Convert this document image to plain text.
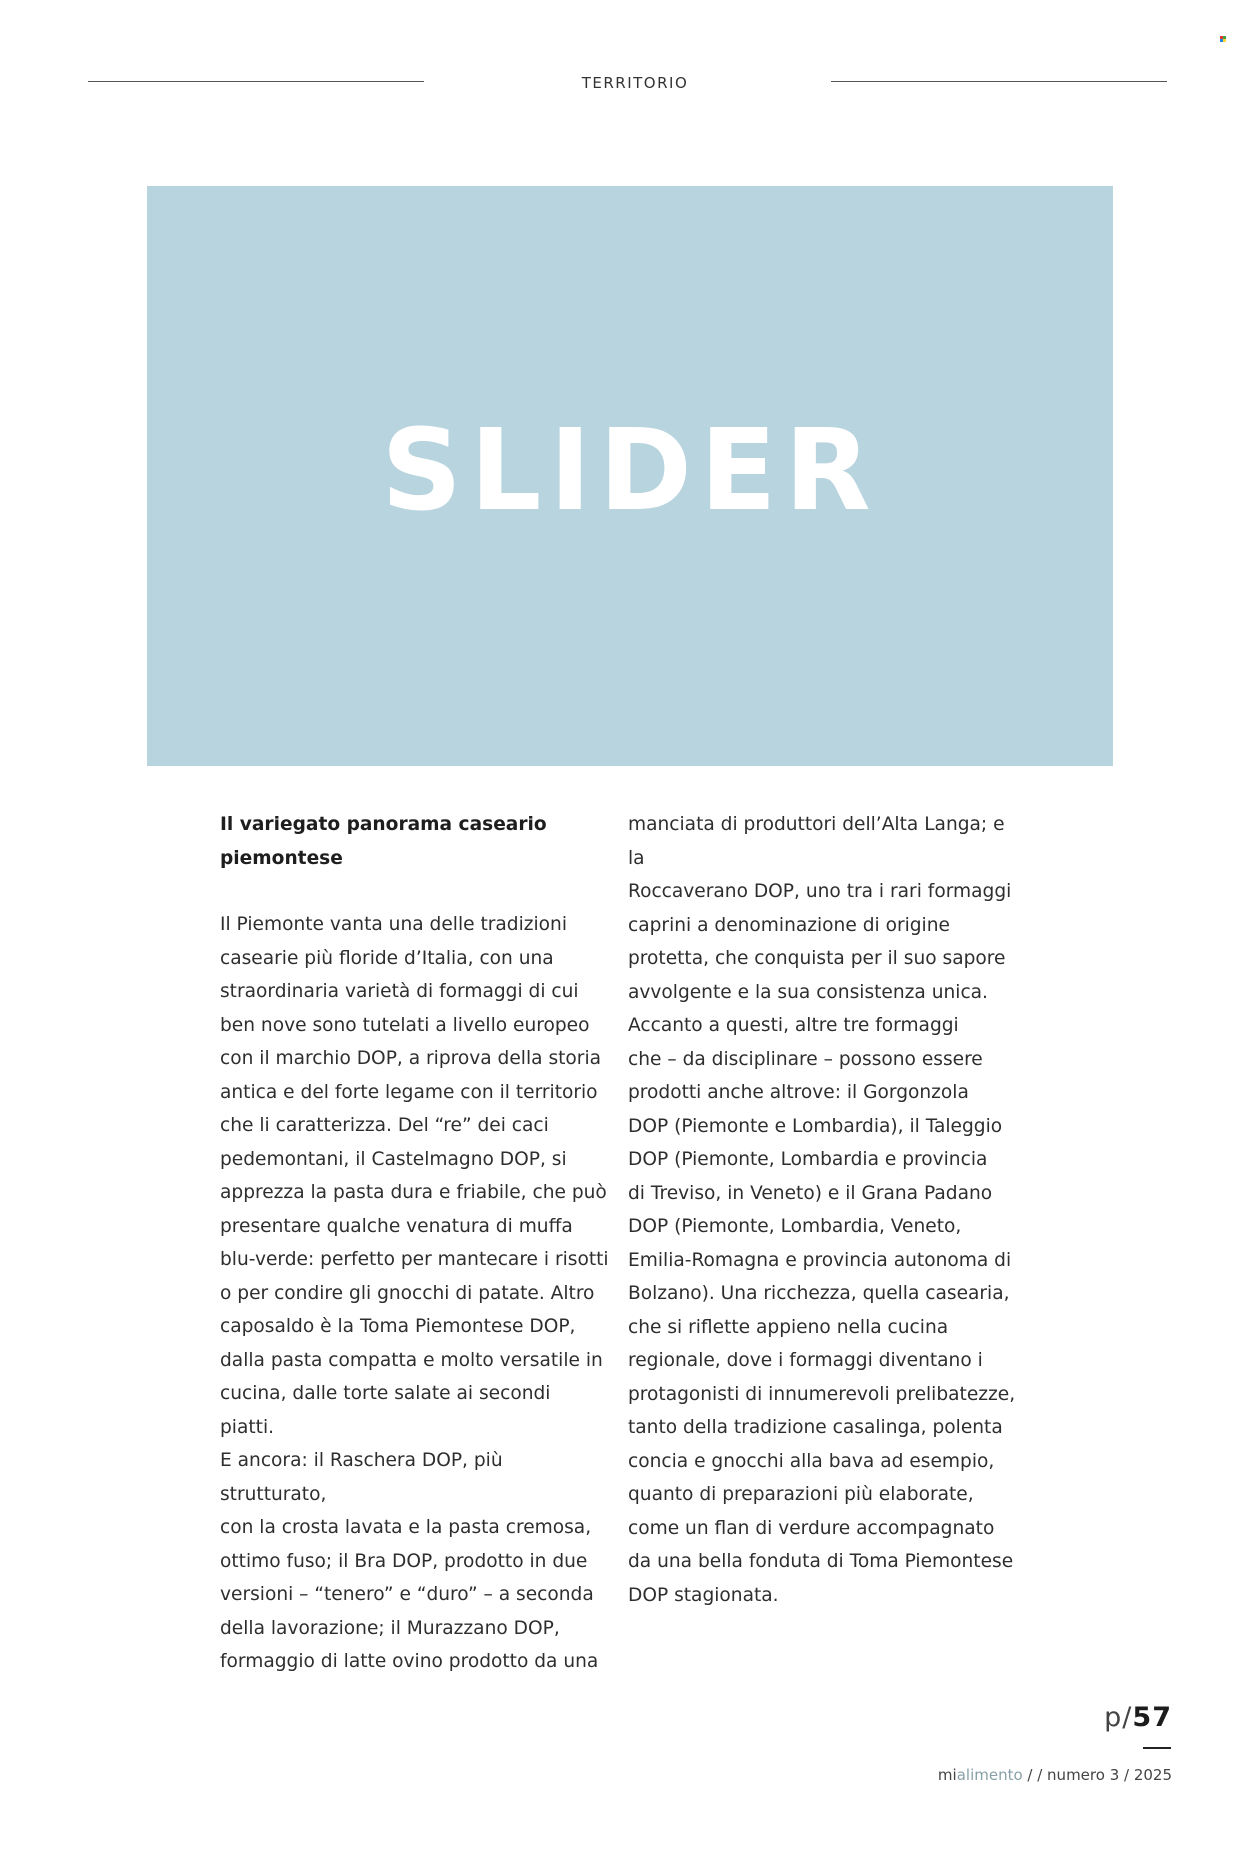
TERRITORIO
SLIDER

Il variegato panorama caseario
piemontese

Il Piemonte vanta una delle tradizioni
casearie più floride d’Italia, con una
straordinaria varietà di formaggi di cui
ben nove sono tutelati a livello europeo
con il marchio DOP, a riprova della storia
antica e del forte legame con il territorio
che li caratterizza. Del “re” dei caci
pedemontani, il Castelmagno DOP, si
apprezza la pasta dura e friabile, che può
presentare qualche venatura di muffa
blu-verde: perfetto per mantecare i risotti
o per condire gli gnocchi di patate. Altro
caposaldo è la Toma Piemontese DOP,
dalla pasta compatta e molto versatile in
cucina, dalle torte salate ai secondi piatti.
E ancora: il Raschera DOP, più strutturato,
con la crosta lavata e la pasta cremosa,
ottimo fuso; il Bra DOP, prodotto in due
versioni – “tenero” e “duro” – a seconda
della lavorazione; il Murazzano DOP,
formaggio di latte ovino prodotto da una
manciata di produttori dell’Alta Langa; e la
Roccaverano DOP, uno tra i rari formaggi
caprini a denominazione di origine
protetta, che conquista per il suo sapore
avvolgente e la sua consistenza unica.
Accanto a questi, altre tre formaggi
che – da disciplinare – possono essere
prodotti anche altrove: il Gorgonzola
DOP (Piemonte e Lombardia), il Taleggio
DOP (Piemonte, Lombardia e provincia
di Treviso, in Veneto) e il Grana Padano
DOP (Piemonte, Lombardia, Veneto,
Emilia-Romagna e provincia autonoma di
Bolzano). Una ricchezza, quella casearia,
che si riflette appieno nella cucina
regionale, dove i formaggi diventano i
protagonisti di innumerevoli prelibatezze,
tanto della tradizione casalinga, polenta
concia e gnocchi alla bava ad esempio,
quanto di preparazioni più elaborate,
come un flan di verdure accompagnato
da una bella fonduta di Toma Piemontese
DOP stagionata.
p/57
mialimento / / numero 3 / 2025
